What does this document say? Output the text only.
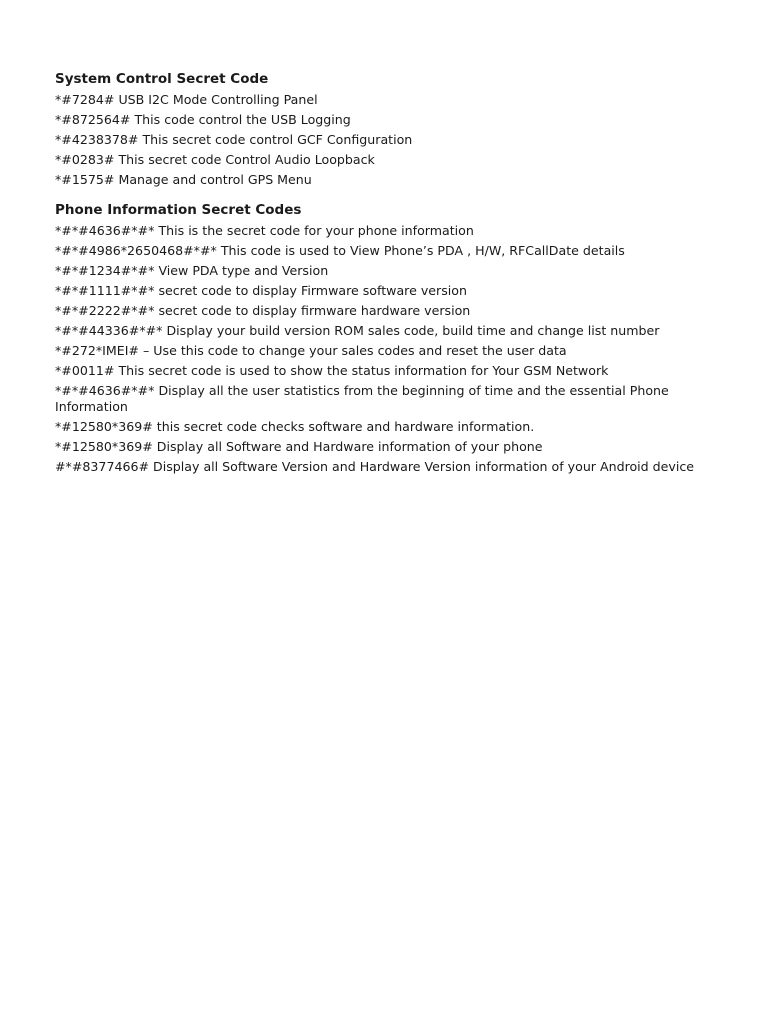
System Control Secret Code
*#7284# USB I2C Mode Controlling Panel
*#872564# This code control the USB Logging
*#4238378# This secret code control GCF Configuration
*#0283# This secret code Control Audio Loopback
*#1575# Manage and control GPS Menu
Phone Information Secret Codes
*#*#4636#*#* This is the secret code for your phone information
*#*#4986*2650468#*#* This code is used to View Phone’s PDA , H/W, RFCallDate details
*#*#1234#*#* View PDA type and Version
*#*#1111#*#* secret code to display Firmware software version
*#*#2222#*#* secret code to display firmware hardware version
*#*#44336#*#* Display your build version ROM sales code, build time and change list number
*#272*IMEI# – Use this code to change your sales codes and reset the user data
*#0011# This secret code is used to show the status information for Your GSM Network
*#*#4636#*#* Display all the user statistics from the beginning of time and the essential Phone Information
*#12580*369# this secret code checks software and hardware information.
*#12580*369# Display all Software and Hardware information of your phone
#*#8377466# Display all Software Version and Hardware Version information of your Android device
